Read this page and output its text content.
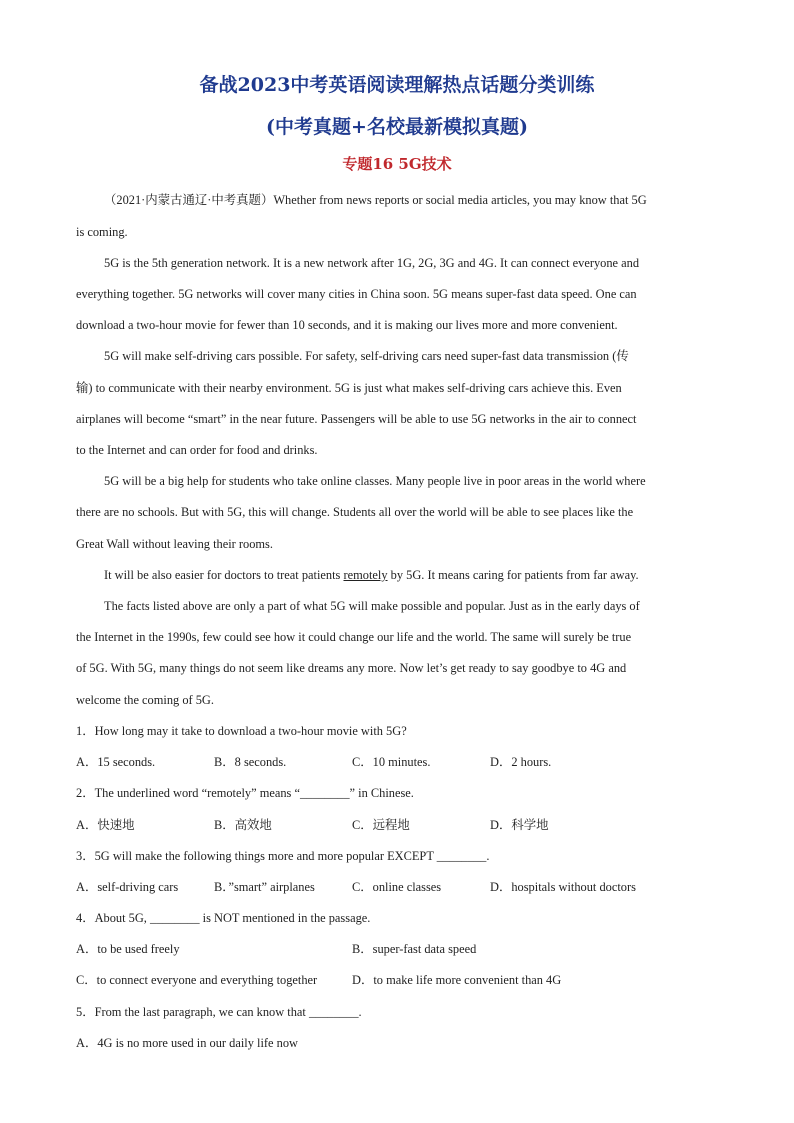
备战2023中考英语阅读理解热点话题分类训练
(中考真题+名校最新模拟真题)
专题16 5G技术
（2021·内蒙古通辽·中考真题）Whether from news reports or social media articles, you may know that 5G
is coming.
5G is the 5th generation network. It is a new network after 1G, 2G, 3G and 4G. It can connect everyone and
everything together. 5G networks will cover many cities in China soon. 5G means super-fast data speed. One can
download a two-hour movie for fewer than 10 seconds, and it is making our lives more and more convenient.
5G will make self-driving cars possible. For safety, self-driving cars need super-fast data transmission (传
输) to communicate with their nearby environment. 5G is just what makes self-driving cars achieve this. Even
airplanes will become “smart” in the near future. Passengers will be able to use 5G networks in the air to connect
to the Internet and can order for food and drinks.
5G will be a big help for students who take online classes. Many people live in poor areas in the world where
there are no schools. But with 5G, this will change. Students all over the world will be able to see places like the
Great Wall without leaving their rooms.
It will be also easier for doctors to treat patients remotely by 5G. It means caring for patients from far away.
The facts listed above are only a part of what 5G will make possible and popular. Just as in the early days of
the Internet in the 1990s, few could see how it could change our life and the world. The same will surely be true
of 5G. With 5G, many things do not seem like dreams any more. Now let’s get ready to say goodbye to 4G and
welcome the coming of 5G.
1．How long may it take to download a two-hour movie with 5G?
A．15 seconds.	B．8 seconds.	C．10 minutes.	D．2 hours.
2．The underlined word “remotely” means “________” in Chinese.
A．快速地	B．高效地	C．远程地	D．科学地
3．5G will make the following things more and more popular EXCEPT ________.
A．self-driving cars	B．”smart” airplanes	C．online classes	D．hospitals without doctors
4．About 5G, ________ is NOT mentioned in the passage.
A．to be used freely	B．super-fast data speed
C．to connect everyone and everything together	D．to make life more convenient than 4G
5．From the last paragraph, we can know that ________.
A．4G is no more used in our daily life now
